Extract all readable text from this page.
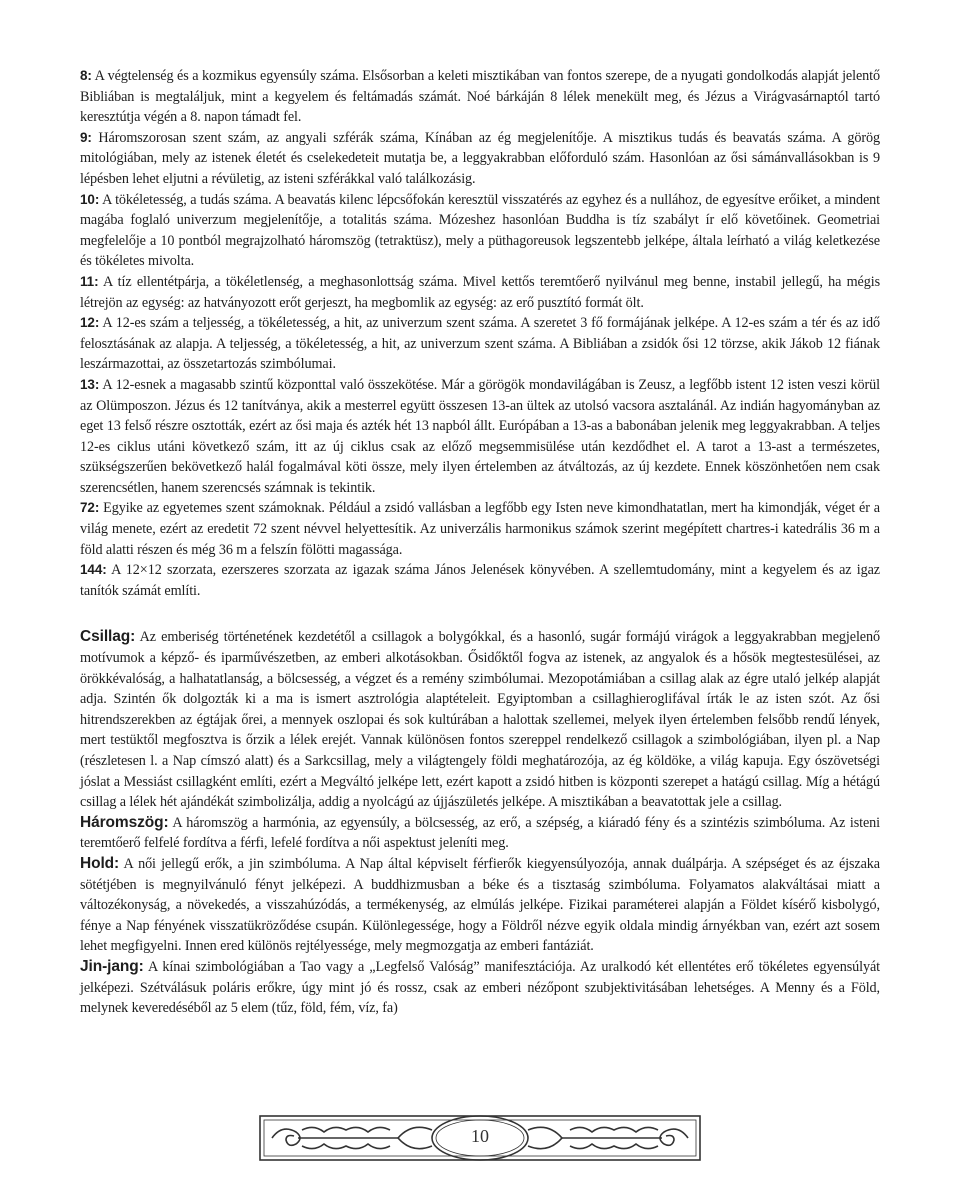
8: A végtelenség és a kozmikus egyensúly száma. Elsősorban a keleti misztikában van fontos szerepe, de a nyugati gondolkodás alapját jelentő Bibliában is megtaláljuk, mint a kegyelem és feltámadás számát. Noé bárkáján 8 lélek menekült meg, és Jézus a Virágvasárnaptól tartó keresztútja végén a 8. napon támadt fel.

9: Háromszorosan szent szám, az angyali szférák száma, Kínában az ég megjelenítője. A misztikus tudás és beavatás száma. A görög mitológiában, mely az istenek életét és cselekedeteit mutatja be, a leggyakrabban előforduló szám. Hasonlóan az ősi sámánvallásokban is 9 lépésben lehet eljutni a révületig, az isteni szférákkal való találkozásig.

10: A tökéletesség, a tudás száma. A beavatás kilenc lépcsőfokán keresztül visszatérés az egyhez és a nullához, de egyesítve erőiket, a mindent magába foglaló univerzum megjelenítője, a totalitás száma. Mózeshez hasonlóan Buddha is tíz szabályt ír elő követőinek. Geometriai megfelelője a 10 pontból megrajzolható háromszög (tetraktüsz), mely a püthagoreusok legszentebb jelképe, általa leírható a világ keletkezése és tökéletes mivolta.

11: A tíz ellentétpárja, a tökéletlenség, a meghasonlottság száma. Mivel kettős teremtőerő nyilvánul meg benne, instabil jellegű, ha mégis létrejön az egység: az hatványozott erőt gerjeszt, ha megbomlik az egység: az erő pusztító formát ölt.

12: A 12-es szám a teljesség, a tökéletesség, a hit, az univerzum szent száma. A szeretet 3 fő formájának jelképe. A 12-es szám a tér és az idő felosztásának az alapja. A teljesség, a tökéletesség, a hit, az univerzum szent száma. A Bibliában a zsidók ősi 12 törzse, akik Jákob 12 fiának leszármazottai, az összetartozás szimbólumai.

13: A 12-esnek a magasabb szintű központtal való összekötése. Már a görögök mondavilágában is Zeusz, a legfőbb istent 12 isten veszi körül az Olümposzon. Jézus és 12 tanítványa, akik a mesterrel együtt összesen 13-an ültek az utolsó vacsora asztalánál. Az indián hagyományban az eget 13 felső részre osztották, ezért az ősi maja és azték hét 13 napból állt. Európában a 13-as a babonában jelenik meg leggyakrabban. A teljes 12-es ciklus utáni következő szám, itt az új ciklus csak az előző megsemmisülése után kezdődhet el. A tarot a 13-ast a természetes, szükségszerűen bekövetkező halál fogalmával köti össze, mely ilyen értelemben az átváltozás, az új kezdete. Ennek köszönhetően nem csak szerencsétlen, hanem szerencsés számnak is tekintik.

72: Egyike az egyetemes szent számoknak. Például a zsidó vallásban a legfőbb egy Isten neve kimondhatatlan, mert ha kimondják, véget ér a világ menete, ezért az eredetit 72 szent névvel helyettesítik. Az univerzális harmonikus számok szerint megépített chartres-i katedrális 36 m a föld alatti részen és még 36 m a felszín fölötti magassága.

144: A 12×12 szorzata, ezerszeres szorzata az igazak száma János Jelenések könyvében. A szellemtudomány, mint a kegyelem és az igaz tanítók számát említi.

Csillag: Az emberiség történetének kezdetétől a csillagok a bolygókkal, és a hasonló, sugár formájú virágok a leggyakrabban megjelenő motívumok a képző- és iparművészetben, az emberi alkotásokban. Ősidőktől fogva az istenek, az angyalok és a hősök megtestesülései, az örökkévalóság, a halhatatlanság, a bölcsesség, a végzet és a remény szimbólumai. Mezopotámiában a csillag alak az égre utaló jelkép alapját adja. Szintén ők dolgozták ki a ma is ismert asztrológia alaptételeit. Egyiptomban a csillaghieroglifával írták le az isten szót. Az ősi hitrendszerekben az égtájak őrei, a mennyek oszlopai és sok kultúrában a halottak szellemei, melyek ilyen értelemben felsőbb rendű lények, mert testüktől megfosztva is őrzik a lélek erejét. Vannak különösen fontos szereppel rendelkező csillagok a szimbológiában, ilyen pl. a Nap (részletesen l. a Nap címszó alatt) és a Sarkcsillag, mely a világtengely földi meghatározója, az ég köldöke, a világ kapuja. Egy ószövetségi jóslat a Messiást csillagként említi, ezért a Megváltó jelképe lett, ezért kapott a zsidó hitben is központi szerepet a hatágú csillag. Míg a hétágú csillag a lélek hét ajándékát szimbolizálja, addig a nyolcágú az újjászületés jelképe. A misztikában a beavatottak jele a csillag.

Háromszög: A háromszög a harmónia, az egyensúly, a bölcsesség, az erő, a szépség, a kiáradó fény és a szintézis szimbóluma. Az isteni teremtőerő felfelé fordítva a férfi, lefelé fordítva a női aspektust jeleníti meg.

Hold: A női jellegű erők, a jin szimbóluma. A Nap által képviselt férfierők kiegyensúlyozója, annak duálpárja. A szépséget és az éjszaka sötétjében is megnyilvánuló fényt jelképezi. A buddhizmusban a béke és a tisztaság szimbóluma. Folyamatos alakváltásai miatt a változékonyság, a növekedés, a visszahúzódás, a termékenység, az elmúlás jelképe. Fizikai paraméterei alapján a Földet kísérő kisbolygó, fénye a Nap fényének visszatükröződése csupán. Különlegessége, hogy a Földről nézve egyik oldala mindig árnyékban van, ezért azt sosem lehet megfigyelni. Innen ered különös rejtélyessége, mely megmozgatja az emberi fantáziát.

Jin-jang: A kínai szimbológiában a Tao vagy a „Legfelső Valóság” manifesztációja. Az uralkodó két ellentétes erő tökéletes egyensúlyát jelképezi. Szétválásuk poláris erőkre, úgy mint jó és rossz, csak az emberi nézőpont szubjektivitásában lehetséges. A Menny és a Föld, melynek keveredéséből az 5 elem (tűz, föld, fém, víz, fa)

10
